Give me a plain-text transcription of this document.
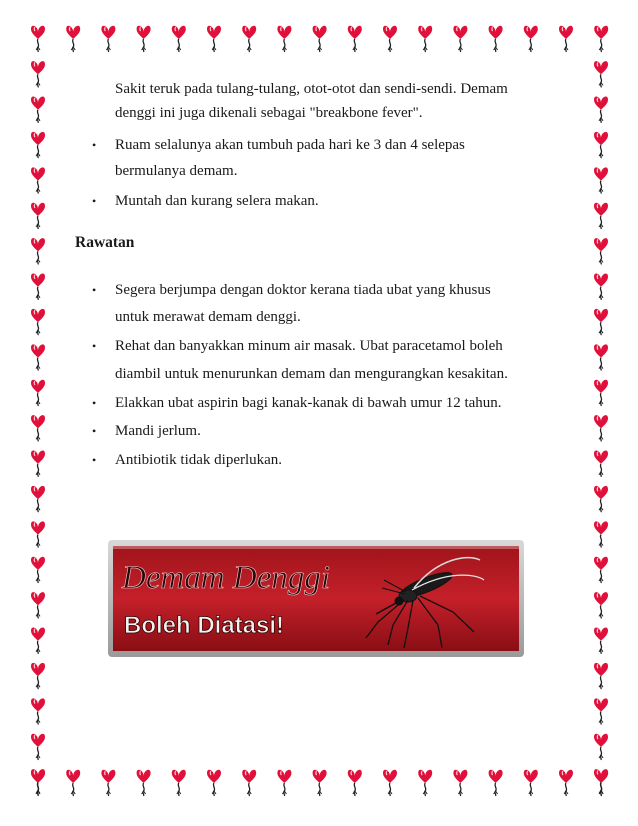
Sakit teruk pada tulang-tulang, otot-otot dan sendi-sendi. Demam
denggi ini juga dikenali sebagai "breakbone fever".
• Ruam selalunya akan tumbuh pada hari ke 3 dan 4 selepas
bermulanya demam.
• Muntah dan kurang selera makan.
Rawatan
• Segera berjumpa dengan doktor kerana tiada ubat yang khusus
untuk merawat demam denggi.
• Rehat dan banyakkan minum air masak. Ubat paracetamol boleh
diambil untuk menurunkan demam dan mengurangkan kesakitan.
• Elakkan ubat aspirin bagi kanak-kanak di bawah umur 12 tahun.
• Mandi jerlum.
• Antibiotik tidak diperlukan.
Demam Denggi
Boleh Diatasi!
